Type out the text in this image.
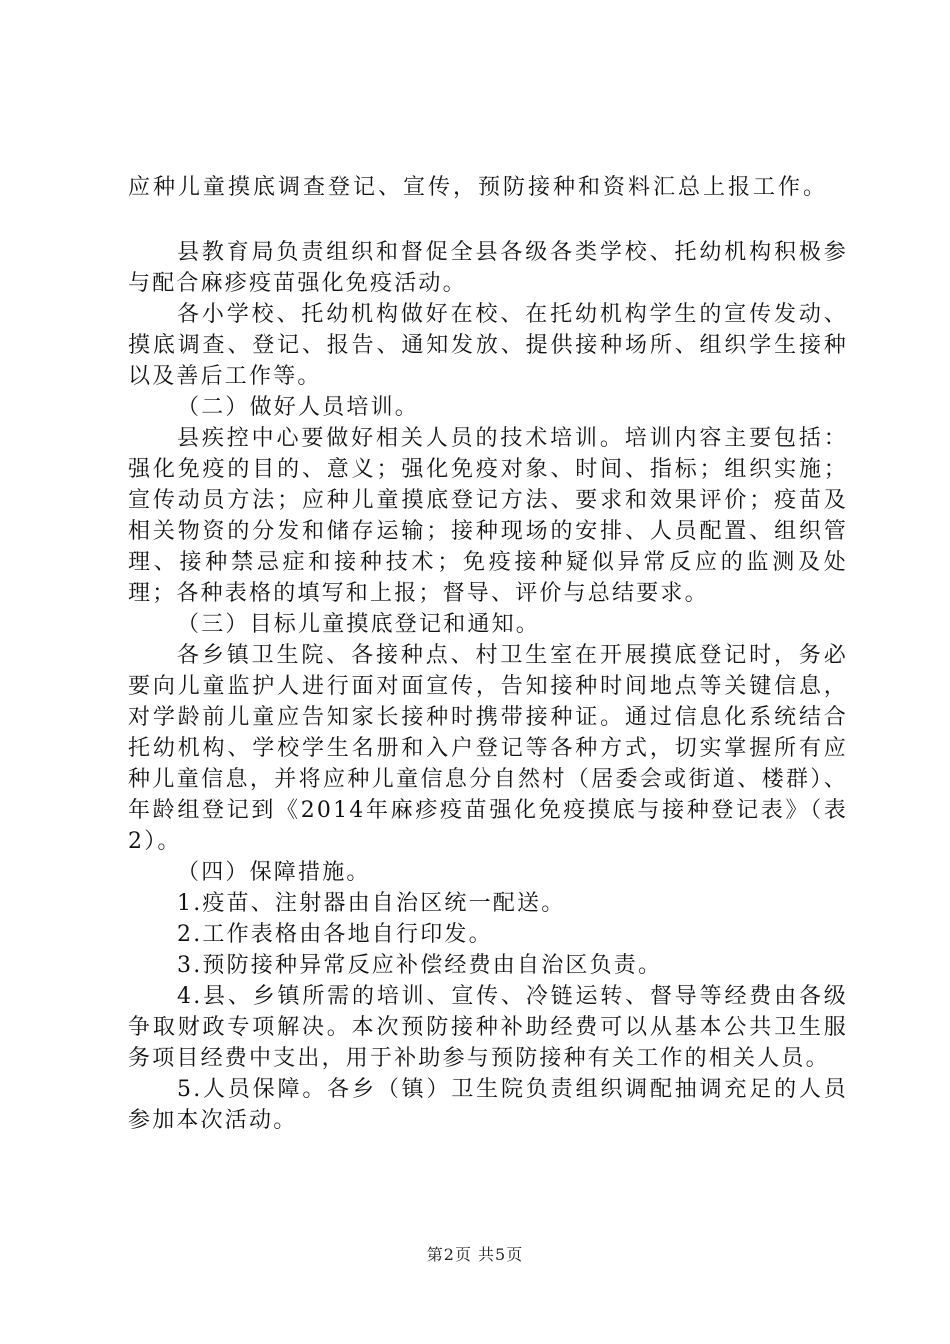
应种儿童摸底调查登记、宣传，预防接种和资料汇总上报工作。

县教育局负责组织和督促全县各级各类学校、托幼机构积极参与配合麻疹疫苗强化免疫活动。

各小学校、托幼机构做好在校、在托幼机构学生的宣传发动、摸底调查、登记、报告、通知发放、提供接种场所、组织学生接种以及善后工作等。

（二）做好人员培训。

县疾控中心要做好相关人员的技术培训。培训内容主要包括：强化免疫的目的、意义；强化免疫对象、时间、指标；组织实施；宣传动员方法；应种儿童摸底登记方法、要求和效果评价；疫苗及相关物资的分发和储存运输；接种现场的安排、人员配置、组织管理、接种禁忌症和接种技术；免疫接种疑似异常反应的监测及处理；各种表格的填写和上报；督导、评价与总结要求。

（三）目标儿童摸底登记和通知。

各乡镇卫生院、各接种点、村卫生室在开展摸底登记时，务必要向儿童监护人进行面对面宣传，告知接种时间地点等关键信息，对学龄前儿童应告知家长接种时携带接种证。通过信息化系统结合托幼机构、学校学生名册和入户登记等各种方式，切实掌握所有应种儿童信息，并将应种儿童信息分自然村（居委会或街道、楼群）、年龄组登记到《2014年麻疹疫苗强化免疫摸底与接种登记表》（表2）。

（四）保障措施。

1.疫苗、注射器由自治区统一配送。

2.工作表格由各地自行印发。

3.预防接种异常反应补偿经费由自治区负责。

4.县、乡镇所需的培训、宣传、冷链运转、督导等经费由各级争取财政专项解决。本次预防接种补助经费可以从基本公共卫生服务项目经费中支出，用于补助参与预防接种有关工作的相关人员。

5.人员保障。各乡（镇）卫生院负责组织调配抽调充足的人员参加本次活动。

第2页 共5页
